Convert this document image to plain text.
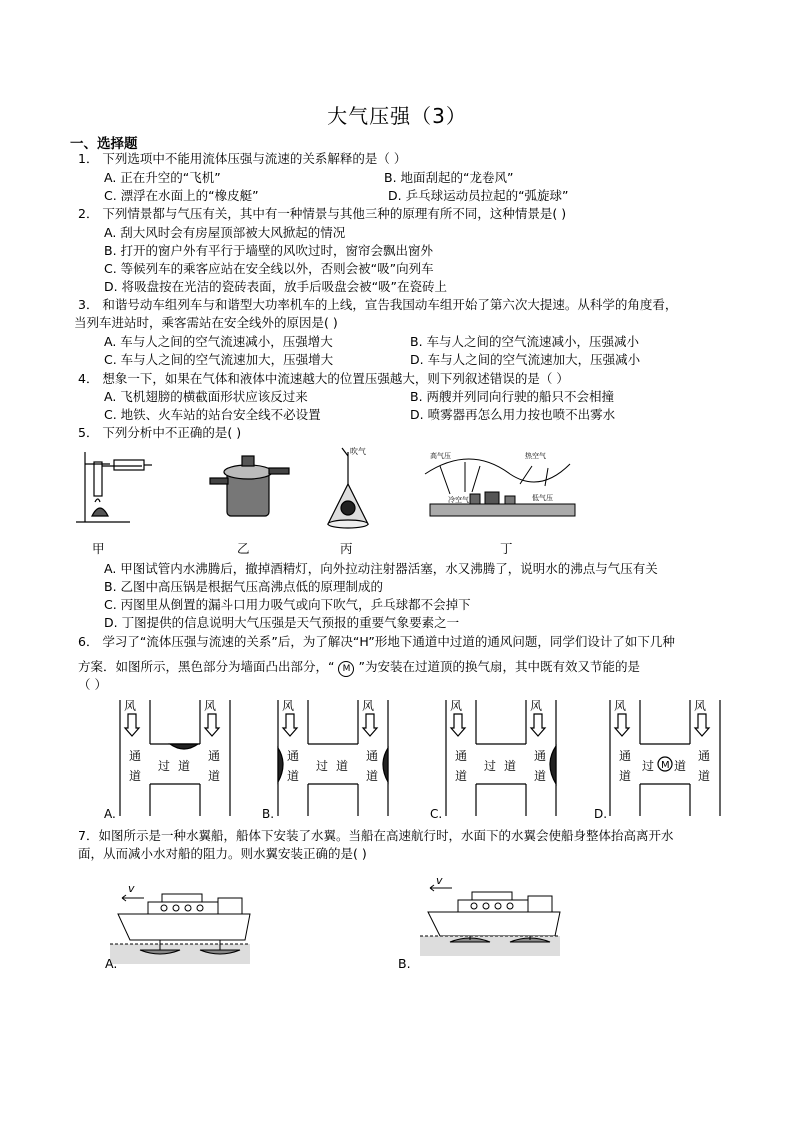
大气压强（3）
一、选择题
1． 下列选项中不能用流体压强与流速的关系解释的是（ ）
A. 正在升空的“飞机”	B. 地面刮起的“龙卷风”
C. 漂浮在水面上的“橡皮艇”	D. 乒乓球运动员拉起的“弧旋球”
2． 下列情景都与气压有关，其中有一种情景与其他三种的原理有所不同，这种情景是( )
A. 刮大风时会有房屋顶部被大风掀起的情况
B. 打开的窗户外有平行于墙壁的风吹过时，窗帘会飘出窗外
C. 等候列车的乘客应站在安全线以外，否则会被“吸”向列车
D. 将吸盘按在光洁的瓷砖表面，放手后吸盘会被“吸”在瓷砖上
3． 和谐号动车组列车与和谐型大功率机车的上线，宣告我国动车组开始了第六次大提速。从科学的角度看，
当列车进站时，乘客需站在安全线外的原因是( )
A. 车与人之间的空气流速减小，压强增大	B. 车与人之间的空气流速减小，压强减小
C. 车与人之间的空气流速加大，压强增大	D. 车与人之间的空气流速加大，压强减小
4． 想象一下，如果在气体和液体中流速越大的位置压强越大，则下列叙述错误的是（ ）
A. 飞机翅膀的横截面形状应该反过来	B. 两艘并列同向行驶的船只不会相撞
C. 地铁、火车站的站台安全线不必设置	D. 喷雾器再怎么用力按也喷不出雾水
5． 下列分析中不正确的是( )
吹气	高气压	热空气
冷空气	低气压
甲	乙	丙	丁
A. 甲图试管内水沸腾后，撤掉酒精灯，向外拉动注射器活塞，水又沸腾了，说明水的沸点与气压有关
B. 乙图中高压锅是根据气压高沸点低的原理制成的
C. 丙图里从倒置的漏斗口用力吸气或向下吹气，乒乓球都不会掉下
D. 丁图提供的信息说明大气压强是天气预报的重要气象要素之一
6． 学习了“流体压强与流速的关系”后，为了解决“H”形地下通道中过道的通风问题，同学们设计了如下几种
方案．如图所示，黑色部分为墙面凸出部分，“ M ”为安装在过道顶的换气扇，其中既有效又节能的是
（ ）
风	风
通
道
通
道
过 道
A.
风	风
通
道
通
道
过 道
B.
风	风
通
道
通
道
过 道
C.
风	风
通
道
通
道
过 M 道
D.
7．如图所示是一种水翼船，船体下安装了水翼。当船在高速航行时，水面下的水翼会使船身整体抬高离开水
面，从而减小水对船的阻力。则水翼安装正确的是( )
v
v
A.	B.
